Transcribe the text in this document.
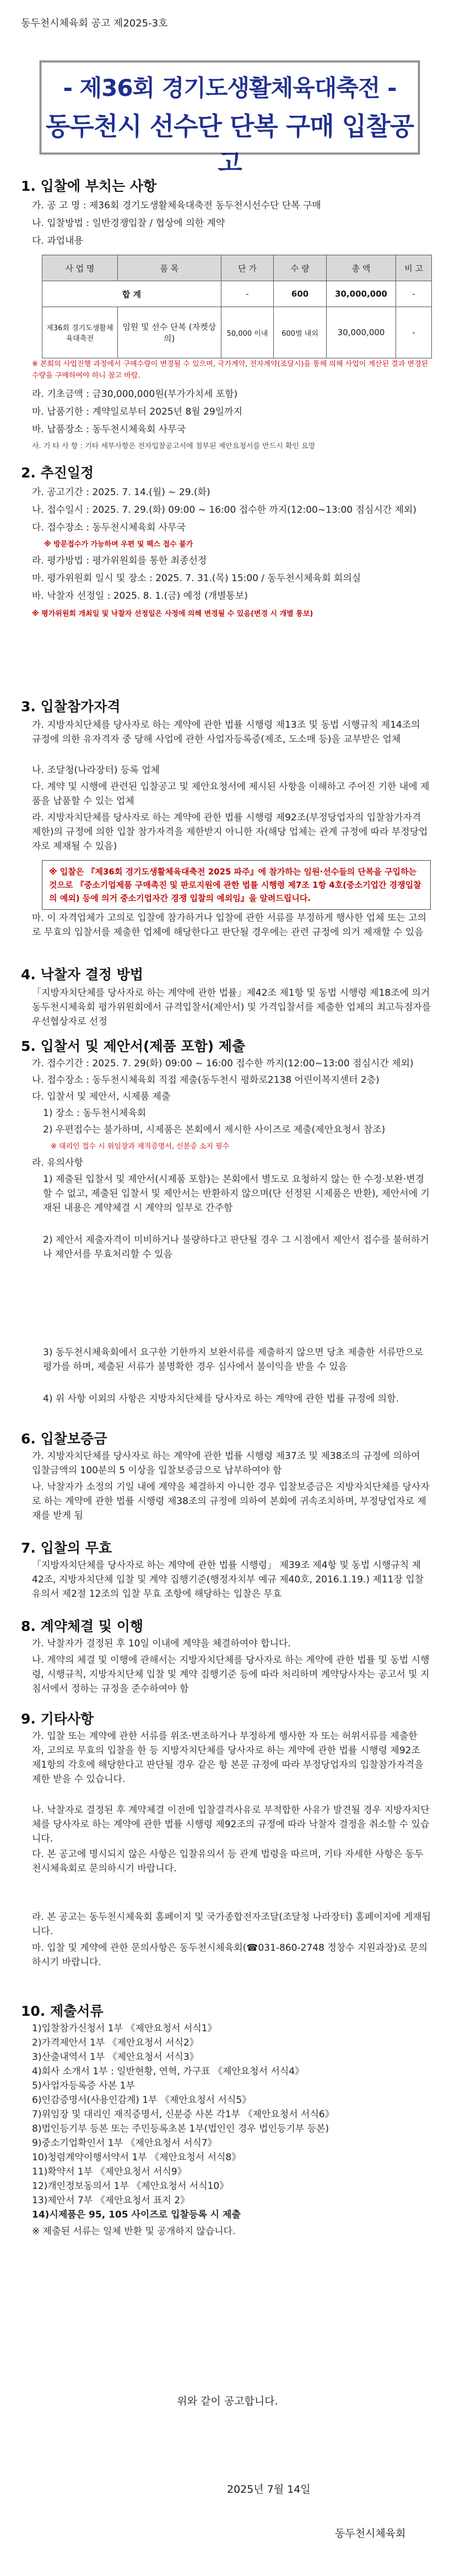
동두천시체육회 공고 제2025-3호
- 제36회 경기도생활체육대축전 -
동두천시 선수단 단복 구매 입찰공고
1. 입찰에 부치는 사항
가. 공 고 명 : 제36회 경기도생활체육대축전 동두천시선수단 단복 구매
나. 입찰방법 : 일반경쟁입찰 / 협상에 의한 계약
다. 과업내용
사 업 명	품 목	단 가	수 량	총 액	비 고
합 계		-	600	30,000,000	-
제36회 경기도생활체육대축전	임원 및 선수 단복 (자켓상의)	50,000 이내	600벌 내외	30,000,000	-
※ 본회의 사업진행 과정에서 구매수량이 변경될 수 있으며, 국가계약, 전자계약(조달시)을 통해 의해 사업이 계산된 결과 변경된 수량을 구매하여야 하니 참고 바람.
라. 기초금액 : 금30,000,000원(부가가치세 포함)
마. 납품기한 : 계약일로부터 2025년 8월 29일까지
바. 납품장소 : 동두천시체육회 사무국
사. 기 타 사 항 : 기타 세부사항은 전자입찰공고서에 첨부된 제안요청서를 반드시 확인 요망
2. 추진일정
가. 공고기간 : 2025. 7. 14.(월) ~ 29.(화)
나. 접수일시 : 2025. 7. 29.(화) 09:00 ~ 16:00 접수한 까지(12:00~13:00 점심시간 제외)
다. 접수장소 : 동두천시체육회 사무국
※ 방문접수가 가능하며 우편 및 팩스 접수 불가
라. 평가방법 : 평가위원회를 통한 최종선정
마. 평가위원회 일시 및 장소 : 2025. 7. 31.(목) 15:00 / 동두천시체육회 회의실
바. 낙찰자 선정일 : 2025. 8. 1.(금) 예정 (개별통보)
※ 평가위원회 개최일 및 낙찰자 선정일은 사정에 의해 변경될 수 있음(변경 시 개별 통보)
3. 입찰참가자격
가. 지방자치단체를 당사자로 하는 계약에 관한 법률 시행령 제13조 및 동법 시행규칙 제14조의 규정에 의한 유자격자 중 당해 사업에 관한 사업자등록증(제조, 도소매 등)을 교부받은 업체
나. 조달청(나라장터) 등록 업체
다. 계약 및 시행에 관련된 입찰공고 및 제안요청서에 제시된 사항을 이해하고 주어진 기한 내에 제품을 납품할 수 있는 업체
라. 지방자치단체를 당사자로 하는 계약에 관한 법률 시행령 제92조(부정당업자의 입찰참가자격 제한)의 규정에 의한 입찰 참가자격을 제한받지 아니한 자(해당 업체는 관계 규정에 따라 부정당업자로 제재될 수 있음)
※ 입찰은 『제36회 경기도생활체육대축전 2025 파주』에 참가하는 임원·선수들의 단복을 구입하는 것으로 『중소기업제품 구매촉진 및 판로지원에 관한 법률 시행령 제7조 1항 4호(중소기업간 경쟁입찰의 예외) 등에 의거 중소기업자간 경쟁 입찰의 예외임』을 알려드립니다.
마. 이 자격업체가 고의로 입찰에 참가하거나 입찰에 관한 서류를 부정하게 행사한 업체 또는 고의로 무효의 입찰서를 제출한 업체에 해당한다고 판단될 경우에는 관련 규정에 의거 제재할 수 있음
4. 낙찰자 결정 방법
「지방자치단체를 당사자로 하는 계약에 관한 법률」제42조 제1항 및 동법 시행령 제18조에 의거 동두천시체육회 평가위원회에서 규격입찰서(제안서) 및 가격입찰서를 제출한 업체의 최고득점자를 우선협상자로 선정
5. 입찰서 및 제안서(제품 포함) 제출
가. 접수기간 : 2025. 7. 29(화) 09:00 ~ 16:00 접수한 까지(12:00~13:00 점심시간 제외)
나. 접수장소 : 동두천시체육회 직접 제출(동두천시 평화로2138 어린이복지센터 2층)
다. 입찰서 및 제안서, 시제품 제출
1) 장소 : 동두천시체육회
2) 우편접수는 불가하며, 시제품은 본회에서 제시한 사이즈로 제출(제안요청서 참조)
※ 대리인 접수 시 위임장과 재직증명서, 신분증 소지 필수
라. 유의사항
1) 제출된 입찰서 및 제안서(시제품 포함)는 본회에서 별도로 요청하지 않는 한 수정·보완·변경할 수 없고, 제출된 입찰서 및 제안서는 반환하지 않으며(단 선정된 시제품은 반환), 제안서에 기재된 내용은 계약체결 시 계약의 일부로 간주함
2) 제안서 제출자격이 미비하거나 불량하다고 판단될 경우 그 시점에서 제안서 접수를 불허하거나 제안서를 무효처리할 수 있음
3) 동두천시체육회에서 요구한 기한까지 보완서류를 제출하지 않으면 당초 제출한 서류만으로 평가를 하며, 제출된 서류가 불명확한 경우 심사에서 불이익을 받을 수 있음
4) 위 사항 이외의 사항은 지방자치단체를 당사자로 하는 계약에 관한 법률 규정에 의함.
6. 입찰보증금
가. 지방자치단체를 당사자로 하는 계약에 관한 법률 시행령 제37조 및 제38조의 규정에 의하여 입찰금액의 100분의 5 이상을 입찰보증금으로 납부하여야 함
나. 낙찰자가 소정의 기일 내에 계약을 체결하지 아니한 경우 입찰보증금은 지방자치단체를 당사자로 하는 계약에 관한 법률 시행령 제38조의 규정에 의하여 본회에 귀속조치하며, 부정당업자로 제재를 받게 됨
7. 입찰의 무효
「지방자치단체를 당사자로 하는 계약에 관한 법률 시행령」 제39조 제4항 및 동법 시행규칙 제42조, 지방자치단체 입찰 및 계약 집행기준(행정자치부 예규 제40호, 2016.1.19.) 제11장 입찰유의서 제2절 12조의 입찰 무효 조항에 해당하는 입찰은 무효
8. 계약체결 및 이행
가. 낙찰자가 결정된 후 10일 이내에 계약을 체결하여야 합니다.
나. 계약의 체결 및 이행에 관해서는 지방자치단체를 당사자로 하는 계약에 관한 법률 및 동법 시행령, 시행규칙, 지방자치단체 입찰 및 계약 집행기준 등에 따라 처리하며 계약당사자는 공고서 및 지침서에서 정하는 규정을 준수하여야 함
9. 기타사항
가. 입찰 또는 계약에 관한 서류를 위조·변조하거나 부정하게 행사한 자 또는 허위서류를 제출한 자, 고의로 무효의 입찰을 한 등 지방자치단체를 당사자로 하는 계약에 관한 법률 시행령 제92조 제1항의 각호에 해당한다고 판단될 경우 같은 항 본문 규정에 따라 부정당업자의 입찰참가자격을 제한 받을 수 있습니다.
나. 낙찰자로 결정된 후 계약체결 이전에 입찰결격사유로 부적합한 사유가 발견될 경우 지방자치단체를 당사자로 하는 계약에 관한 법률 시행령 제92조의 규정에 따라 낙찰자 결정을 취소할 수 있습니다.
다. 본 공고에 명시되지 않은 사항은 입찰유의서 등 관계 법령을 따르며, 기타 자세한 사항은 동두천시체육회로 문의하시기 바랍니다.
라. 본 공고는 동두천시체육회 홈페이지 및 국가종합전자조달(조달청 나라장터) 홈페이지에 게재됩니다.
마. 입찰 및 계약에 관한 문의사항은 동두천시체육회(☎031-860-2748 정창수 지원과장)로 문의하시기 바랍니다.
10. 제출서류
1)입찰참가신청서 1부 《제안요청서 서식1》
2)가격제안서 1부 《제안요청서 서식2》
3)산출내역서 1부 《제안요청서 서식3》
4)회사 소개서 1부 : 일반현황, 연혁, 가구표 《제안요청서 서식4》
5)사업자등록증 사본 1부
6)인감증명서(사용인감계) 1부 《제안요청서 서식5》
7)위임장 및 대리인 재직증명서, 신분증 사본 각1부 《제안요청서 서식6》
8)법인등기부 등본 또는 주민등록초본 1부(법인인 경우 법인등기부 등본)
9)중소기업확인서 1부 《제안요청서 서식7》
10)청렴계약이행서약서 1부 《제안요청서 서식8》
11)확약서 1부 《제안요청서 서식9》
12)개인정보동의서 1부 《제안요청서 서식10》
13)제안서 7부 《제안요청서 표지 2》
14)시제품은 95, 105 사이즈로 입찰등록 시 제출
※ 제출된 서류는 일체 반환 및 공개하지 않습니다.
위와 같이 공고합니다.
2025년 7월 14일
동두천시체육회
